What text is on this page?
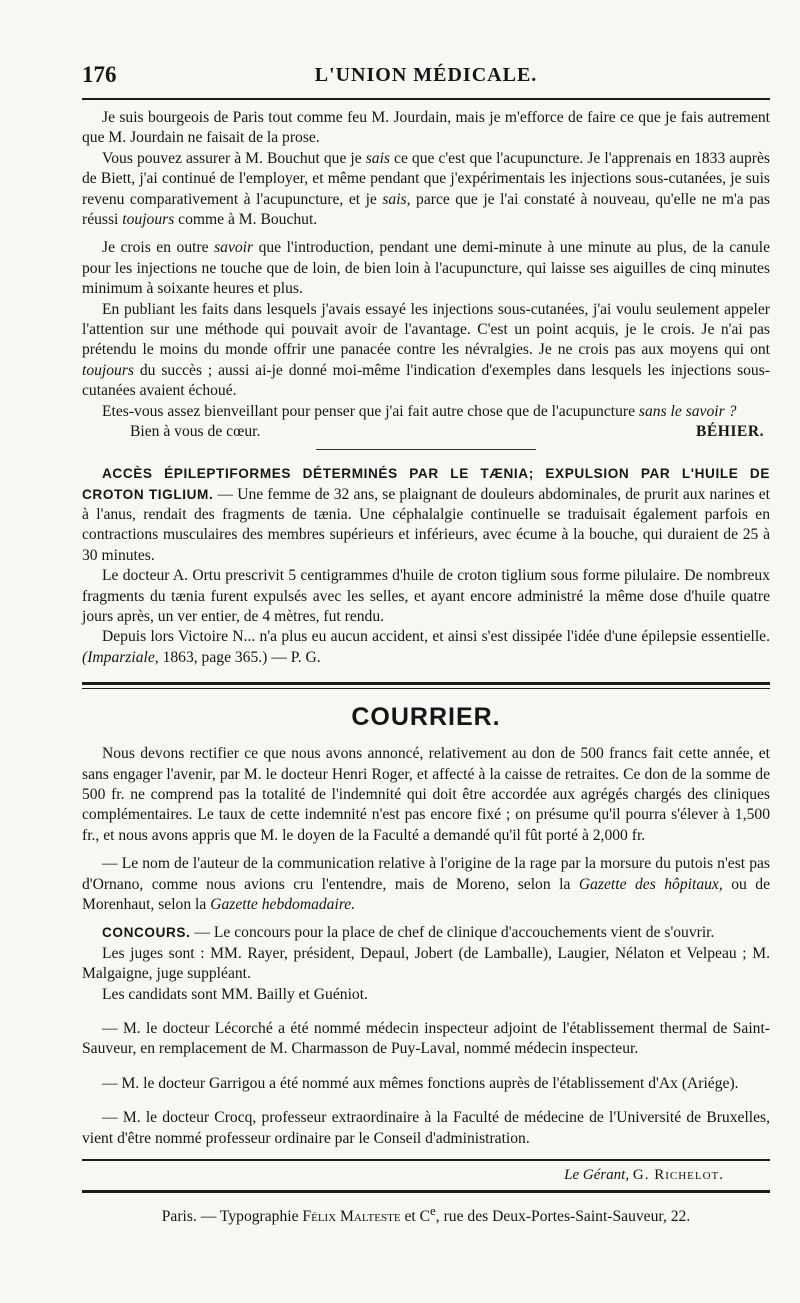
176	L'UNION MÉDICALE.

Je suis bourgeois de Paris tout comme feu M. Jourdain, mais je m'efforce de faire ce que je fais autrement que M. Jourdain ne faisait de la prose.

Vous pouvez assurer à M. Bouchut que je sais ce que c'est que l'acupuncture. Je l'apprenais en 1833 auprès de Biett, j'ai continué de l'employer, et même pendant que j'expérimentais les injections sous-cutanées, je suis revenu comparativement à l'acupuncture, et je sais, parce que je l'ai constaté à nouveau, qu'elle ne m'a pas réussi toujours comme à M. Bouchut.

Je crois en outre savoir que l'introduction, pendant une demi-minute à une minute au plus, de la canule pour les injections ne touche que de loin, de bien loin à l'acupuncture, qui laisse ses aiguilles de cinq minutes minimum à soixante heures et plus.

En publiant les faits dans lesquels j'avais essayé les injections sous-cutanées, j'ai voulu seulement appeler l'attention sur une méthode qui pouvait avoir de l'avantage. C'est un point acquis, je le crois. Je n'ai pas prétendu le moins du monde offrir une panacée contre les névralgies. Je ne crois pas aux moyens qui ont toujours du succès ; aussi ai-je donné moi-même l'indication d'exemples dans lesquels les injections sous-cutanées avaient échoué.

Etes-vous assez bienveillant pour penser que j'ai fait autre chose que de l'acupuncture sans le savoir ?

Bien à vous de cœur.	BÉHIER.

ACCÈS ÉPILEPTIFORMES DÉTERMINÉS PAR LE TÆNIA; EXPULSION PAR L'HUILE DE CROTON TIGLIUM. — Une femme de 32 ans, se plaignant de douleurs abdominales, de prurit aux narines et à l'anus, rendait des fragments de tænia. Une céphalalgie continuelle se traduisait également parfois en contractions musculaires des membres supérieurs et inférieurs, avec écume à la bouche, qui duraient de 25 à 30 minutes.

Le docteur A. Ortu prescrivit 5 centigrammes d'huile de croton tiglium sous forme pilulaire. De nombreux fragments du tænia furent expulsés avec les selles, et ayant encore administré la même dose d'huile quatre jours après, un ver entier, de 4 mètres, fut rendu.

Depuis lors Victoire N... n'a plus eu aucun accident, et ainsi s'est dissipée l'idée d'une épilepsie essentielle. (Imparziale, 1863, page 365.) — P. G.

COURRIER.

Nous devons rectifier ce que nous avons annoncé, relativement au don de 500 francs fait cette année, et sans engager l'avenir, par M. le docteur Henri Roger, et affecté à la caisse de retraites. Ce don de la somme de 500 fr. ne comprend pas la totalité de l'indemnité qui doit être accordée aux agrégés chargés des cliniques complémentaires. Le taux de cette indemnité n'est pas encore fixé ; on présume qu'il pourra s'élever à 1,500 fr., et nous avons appris que M. le doyen de la Faculté a demandé qu'il fût porté à 2,000 fr.

— Le nom de l'auteur de la communication relative à l'origine de la rage par la morsure du putois n'est pas d'Ornano, comme nous avions cru l'entendre, mais de Moreno, selon la Gazette des hôpitaux, ou de Morenhaut, selon la Gazette hebdomadaire.

CONCOURS. — Le concours pour la place de chef de clinique d'accouchements vient de s'ouvrir.

Les juges sont : MM. Rayer, président, Depaul, Jobert (de Lamballe), Laugier, Nélaton et Velpeau ; M. Malgaigne, juge suppléant.

Les candidats sont MM. Bailly et Guéniot.

— M. le docteur Lécorché a été nommé médecin inspecteur adjoint de l'établissement thermal de Saint-Sauveur, en remplacement de M. Charmasson de Puy-Laval, nommé médecin inspecteur.

— M. le docteur Garrigou a été nommé aux mêmes fonctions auprès de l'établissement d'Ax (Ariége).

— M. le docteur Crocq, professeur extraordinaire à la Faculté de médecine de l'Université de Bruxelles, vient d'être nommé professeur ordinaire par le Conseil d'administration.

Le Gérant, G. Richelot.
Paris. — Typographie Félix Malteste et Ce, rue des Deux-Portes-Saint-Sauveur, 22.
